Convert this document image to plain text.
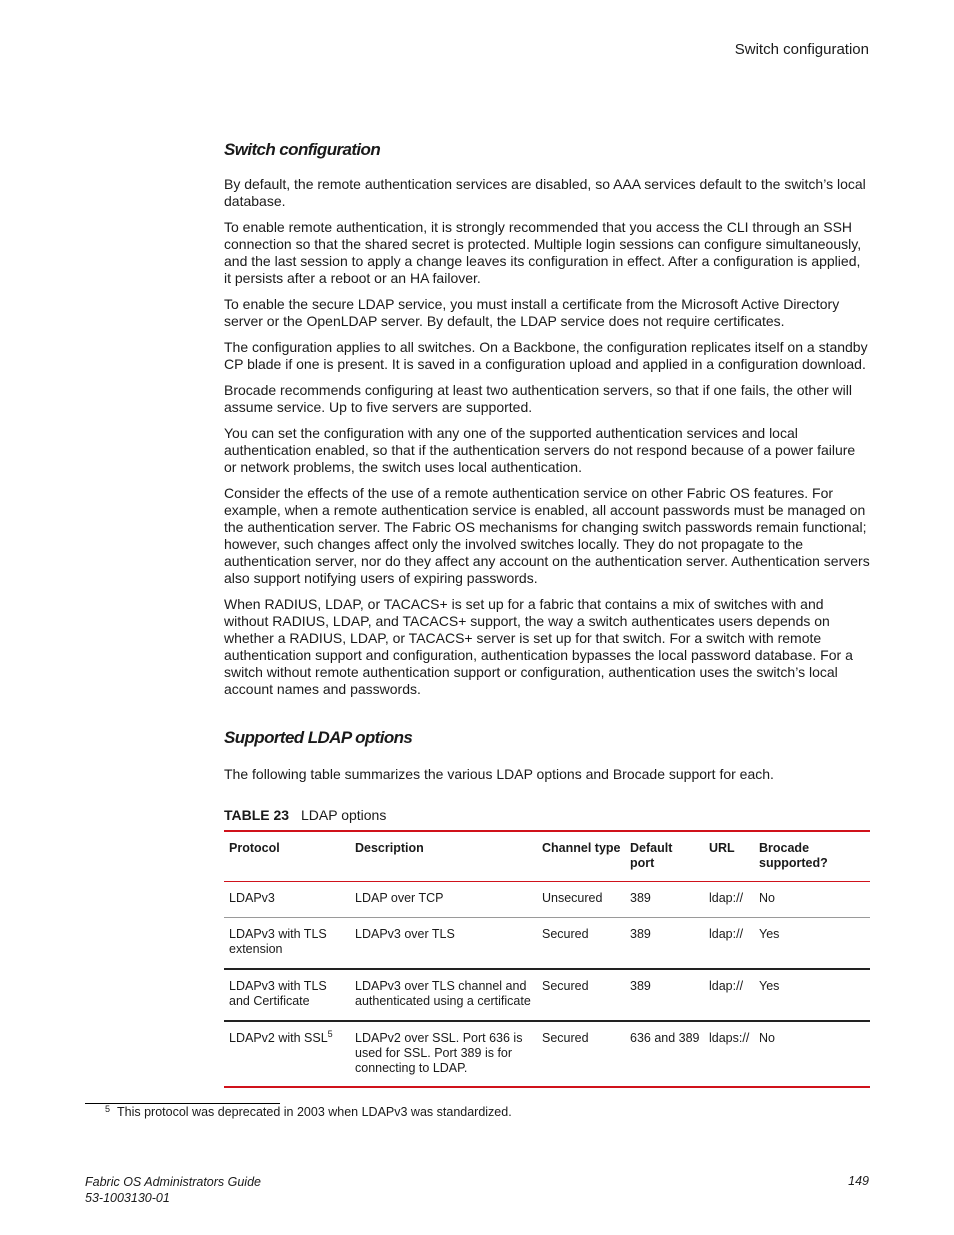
Switch configuration
Switch configuration

By default, the remote authentication services are disabled, so AAA services default to the switch’s local database.

To enable remote authentication, it is strongly recommended that you access the CLI through an SSH connection so that the shared secret is protected. Multiple login sessions can configure simultaneously, and the last session to apply a change leaves its configuration in effect. After a configuration is applied, it persists after a reboot or an HA failover.

To enable the secure LDAP service, you must install a certificate from the Microsoft Active Directory server or the OpenLDAP server. By default, the LDAP service does not require certificates.

The configuration applies to all switches. On a Backbone, the configuration replicates itself on a standby CP blade if one is present. It is saved in a configuration upload and applied in a configuration download.

Brocade recommends configuring at least two authentication servers, so that if one fails, the other will assume service. Up to five servers are supported.

You can set the configuration with any one of the supported authentication services and local authentication enabled, so that if the authentication servers do not respond because of a power failure or network problems, the switch uses local authentication.

Consider the effects of the use of a remote authentication service on other Fabric OS features. For example, when a remote authentication service is enabled, all account passwords must be managed on the authentication server. The Fabric OS mechanisms for changing switch passwords remain functional; however, such changes affect only the involved switches locally. They do not propagate to the authentication server, nor do they affect any account on the authentication server. Authentication servers also support notifying users of expiring passwords.

When RADIUS, LDAP, or TACACS+ is set up for a fabric that contains a mix of switches with and without RADIUS, LDAP, and TACACS+ support, the way a switch authenticates users depends on whether a RADIUS, LDAP, or TACACS+ server is set up for that switch. For a switch with remote authentication support and configuration, authentication bypasses the local password database. For a switch without remote authentication support or configuration, authentication uses the switch’s local account names and passwords.

Supported LDAP options

The following table summarizes the various LDAP options and Brocade support for each.

TABLE 23 LDAP options
Protocol	Description	Channel type	Default port	URL	Brocade supported?
LDAPv3	LDAP over TCP	Unsecured	389	ldap://	No
LDAPv3 with TLS extension	LDAPv3 over TLS	Secured	389	ldap://	Yes
LDAPv3 with TLS and Certificate	LDAPv3 over TLS channel and authenticated using a certificate	Secured	389	ldap://	Yes
LDAPv2 with SSL$^5$	LDAPv2 over SSL. Port 636 is used for SSL. Port 389 is for connecting to LDAP.	Secured	636 and 389	ldaps://	No
$^5$ This protocol was deprecated in 2003 when LDAPv3 was standardized.
Fabric OS Administrators Guide
53-1003130-01
149
